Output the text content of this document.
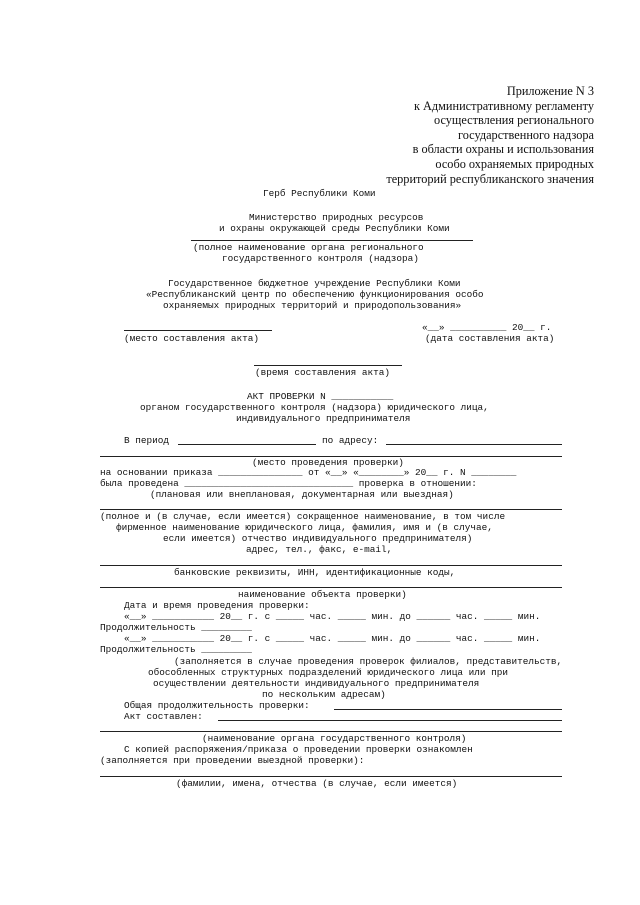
Приложение N 3
к Административному регламенту
осуществления регионального
государственного надзора
в области охраны и использования
особо охраняемых природных
территорий республиканского значения
Герб Республики Коми
Министерство природных ресурсов
и охраны окружающей среды Республики Коми
(полное наименование органа регионального
государственного контроля (надзора)
Государственное бюджетное учреждение Республики Коми
«Республиканский центр по обеспечению функционирования особо
охраняемых природных территорий и природопользования»
«__» __________ 20__ г.
(место составления акта)	(дата составления акта)
(время составления акта)
АКТ ПРОВЕРКИ N ___________
органом государственного контроля (надзора) юридического лица,
индивидуального предпринимателя
В период	по адресу:
(место проведения проверки)
на основании приказа _______________ от «__» «________» 20__ г. N ________
была проведена ______________________________ проверка в отношении:
(плановая или внеплановая, документарная или выездная)
(полное и (в случае, если имеется) сокращенное наименование, в том числе
фирменное наименование юридического лица, фамилия, имя и (в случае,
если имеется) отчество индивидуального предпринимателя)
адрес, тел., факс, e-mail,
банковские реквизиты, ИНН, идентификационные коды,
наименование объекта проверки)
Дата и время проведения проверки:
«__» ___________ 20__ г. с _____ час. _____ мин. до ______ час. _____ мин.
Продолжительность _________
«__» ___________ 20__ г. с _____ час. _____ мин. до ______ час. _____ мин.
Продолжительность _________
(заполняется в случае проведения проверок филиалов, представительств,
обособленных структурных подразделений юридического лица или при
осуществлении деятельности индивидуального предпринимателя
по нескольким адресам)
Общая продолжительность проверки:
Акт составлен:
(наименование органа государственного контроля)
С копией распоряжения/приказа о проведении проверки ознакомлен
(заполняется при проведении выездной проверки):
(фамилии, имена, отчества (в случае, если имеется)
